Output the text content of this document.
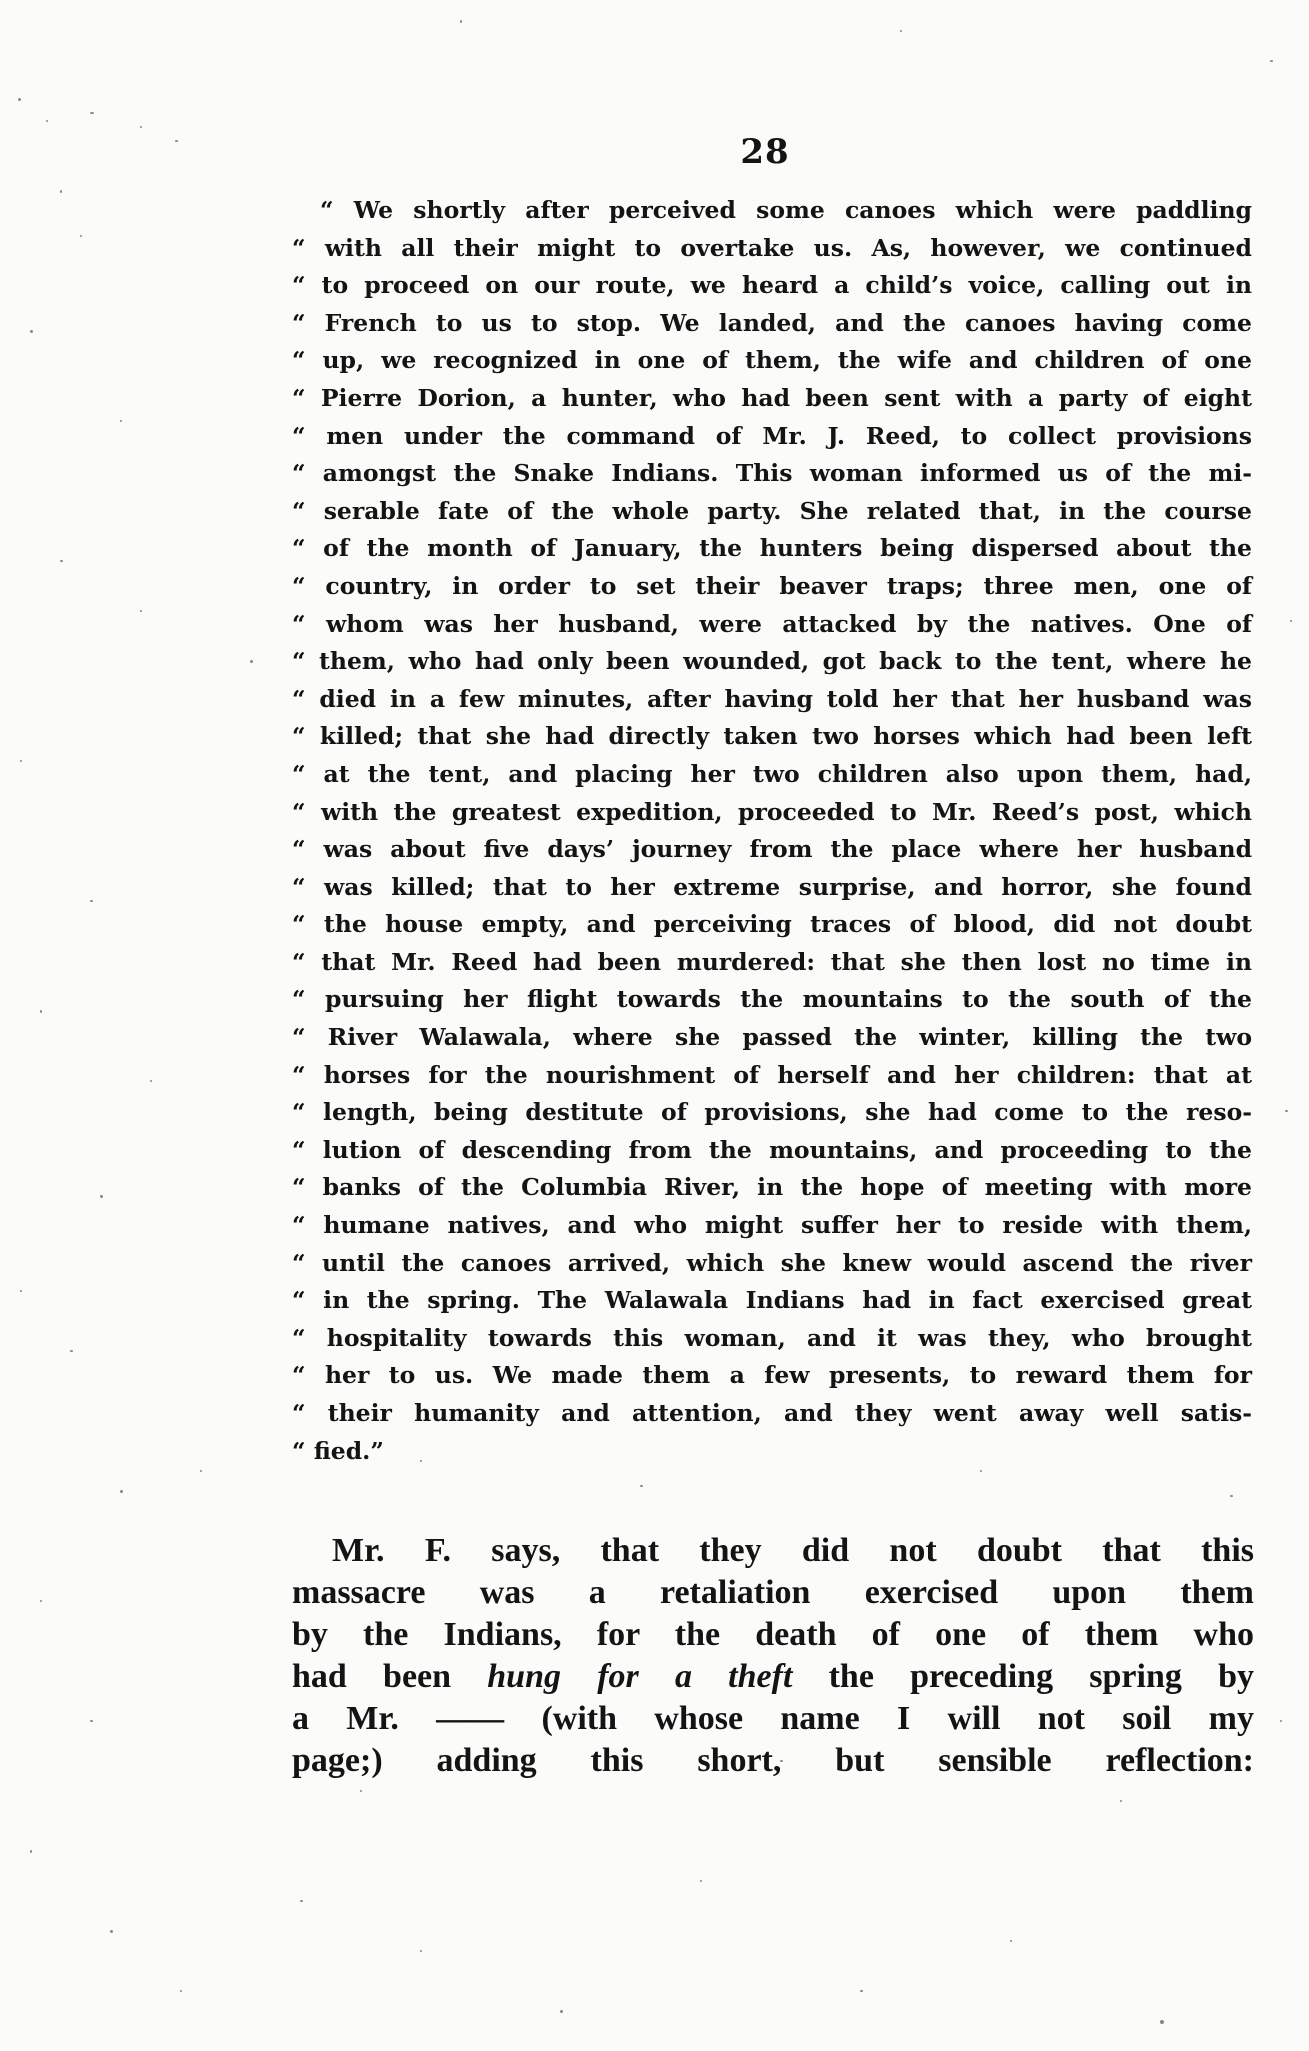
28
“ We shortly after perceived some canoes which were paddling
“ with all their might to overtake us. As, however, we continued
“ to proceed on our route, we heard a child’s voice, calling out in
“ French to us to stop. We landed, and the canoes having come
“ up, we recognized in one of them, the wife and children of one
“ Pierre Dorion, a hunter, who had been sent with a party of eight
“ men under the command of Mr. J. Reed, to collect provisions
“ amongst the Snake Indians. This woman informed us of the mi-
“ serable fate of the whole party. She related that, in the course
“ of the month of January, the hunters being dispersed about the
“ country, in order to set their beaver traps; three men, one of
“ whom was her husband, were attacked by the natives. One of
“ them, who had only been wounded, got back to the tent, where he
“ died in a few minutes, after having told her that her husband was
“ killed; that she had directly taken two horses which had been left
“ at the tent, and placing her two children also upon them, had,
“ with the greatest expedition, proceeded to Mr. Reed’s post, which
“ was about five days’ journey from the place where her husband
“ was killed; that to her extreme surprise, and horror, she found
“ the house empty, and perceiving traces of blood, did not doubt
“ that Mr. Reed had been murdered: that she then lost no time in
“ pursuing her flight towards the mountains to the south of the
“ River Walawala, where she passed the winter, killing the two
“ horses for the nourishment of herself and her children: that at
“ length, being destitute of provisions, she had come to the reso-
“ lution of descending from the mountains, and proceeding to the
“ banks of the Columbia River, in the hope of meeting with more
“ humane natives, and who might suffer her to reside with them,
“ until the canoes arrived, which she knew would ascend the river
“ in the spring. The Walawala Indians had in fact exercised great
“ hospitality towards this woman, and it was they, who brought
“ her to us. We made them a few presents, to reward them for
“ their humanity and attention, and they went away well satis-
“ fied.”
Mr. F. says, that they did not doubt that this
massacre was a retaliation exercised upon them
by the Indians, for the death of one of them who
had been hung for a theft the preceding spring by
a Mr. —— (with whose name I will not soil my
page;) adding this short, but sensible reflection:
